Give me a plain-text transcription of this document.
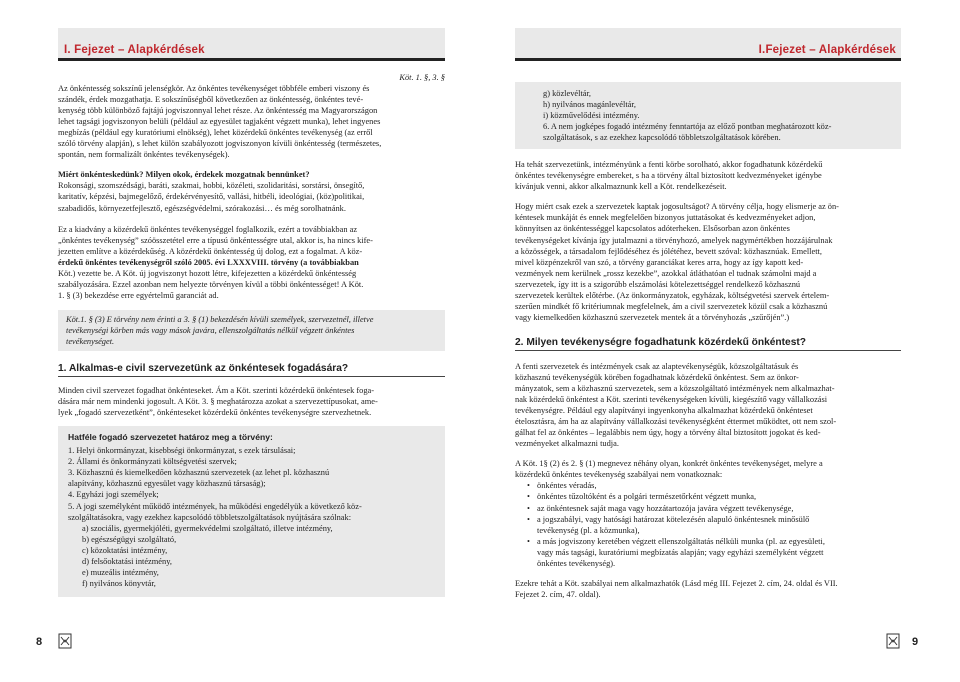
I. Fejezet – Alapkérdések	I.Fejezet – Alapkérdések

Köt. 1. §, 3. §

Az önkéntesség sokszínű jelenségkör. Az önkéntes tevékenységet többféle emberi viszony és
szándék, érdek mozgathatja. E sokszínűségből következően az önkéntesség, önkéntes tevé-
kenység több különböző fajtájú jogviszonnyal lehet része. Az önkéntesség ma Magyarországon
lehet tagsági jogviszonyon belüli (például az egyesület tagjaként végzett munka), lehet ingyenes
megbízás (például egy kuratóriumi elnökség), lehet közérdekű önkéntes tevékenység (az erről
szóló törvény alapján), s lehet külön szabályozott jogviszonyon kívüli önkéntesség (természetes,
spontán, nem formalizált önkéntes tevékenységek).
Miért önkénteskedünk? Milyen okok, érdekek mozgatnak bennünket?
Rokonsági, szomszédsági, baráti, szakmai, hobbi, közéleti, szolidaritási, sorstársi, önsegítő,
karitatív, képzési, bajmegelőző, érdekérvényesítő, vallási, hitbéli, ideológiai, (köz)politikai,
szabadidős, környezetfejlesztő, egészségvédelmi, szórakozási… és még sorolhatnánk.
Ez a kiadvány a közérdekű önkéntes tevékenységgel foglalkozik, ezért a továbbiakban az
„önkéntes tevékenység” szóösszetétel erre a típusú önkéntességre utal, akkor is, ha nincs kife-
jezetten említve a közérdekűség. A közérdekű önkéntesség új dolog, ezt a fogalmat. A köz-
érdekű önkéntes tevékenységről szóló 2005. évi LXXXVIII. törvény (a továbbiakban
Köt.) vezette be. A Köt. új jogviszonyt hozott létre, kifejezetten a közérdekű önkéntesség
szabályozására. Ezzel azonban nem helyezte törvényen kívül a többi önkéntességet! A Köt.
1. § (3) bekezdése erre egyértelmű garanciát ad.
Köt.1. § (3) E törvény nem érinti a 3. § (1) bekezdésén kívüli személyek, szervezetnél, illetve
tevékenységi körben más vagy mások javára, ellenszolgáltatás nélkül végzett önkéntes
tevékenységet.
1. Alkalmas-e civil szervezetünk az önkéntesek fogadására?
Minden civil szervezet fogadhat önkénteseket. Ám a Köt. szerinti közérdekű önkéntesek foga-
dására már nem mindenki jogosult. A Köt. 3. § meghatározza azokat a szervezettípusokat, ame-
lyek „fogadó szervezetként”, önkénteseket közérdekű önkéntes tevékenységre szervezhetnek.
Hatféle fogadó szervezetet határoz meg a törvény:
1. Helyi önkormányzat, kisebbségi önkormányzat, s ezek társulásai;
2. Állami és önkormányzati költségvetési szervek;
3. Közhasznú és kiemelkedően közhasznú szervezetek (az lehet pl. közhasznú
alapítvány, közhasznú egyesület vagy közhasznú társaság);
4. Egyházi jogi személyek;
5. A jogi személyként működő intézmények, ha működési engedélyük a következő köz-
szolgáltatásokra, vagy ezekhez kapcsolódó többletszolgáltatások nyújtására szólnak:
a) szociális, gyermekjóléti, gyermekvédelmi szolgáltató, illetve intézmény,
b) egészségügyi szolgáltató,
c) közoktatási intézmény,
d) felsőoktatási intézmény,
e) muzeális intézmény,
f) nyilvános könyvtár,
g) közlevéltár,
h) nyilvános magánlevéltár,
i) közművelődési intézmény.
6. A nem jogképes fogadó intézmény fenntartója az előző pontban meghatározott köz-
szolgáltatások, s az ezekhez kapcsolódó többletszolgáltatások körében.
Ha tehát szervezetünk, intézményünk a fenti körbe sorolható, akkor fogadhatunk közérdekű
önkéntes tevékenységre embereket, s ha a törvény által biztosított kedvezményeket igénybe
kívánjuk venni, akkor alkalmaznunk kell a Köt. rendelkezéseit.
Hogy miért csak ezek a szervezetek kaptak jogosultságot? A törvény célja, hogy elismerje az ön-
kéntesek munkáját és ennek megfelelően bizonyos juttatásokat és kedvezményeket adjon,
könnyítsen az önkéntességgel kapcsolatos adóterheken. Elsősorban azon önkéntes
tevékenységeket kívánja így jutalmazni a törvényhozó, amelyek nagymértékben hozzájárulnak
a közösségek, a társadalom fejlődéséhez és jólétéhez, bevett szóval: közhasznúak. Emellett,
mivel közpénzekről van szó, a törvény garanciákat keres arra, hogy az így kapott ked-
vezmények nem kerülnek „rossz kezekbe”, azokkal átláthatóan el tudnak számolni majd a
szervezetek, így itt is a szigorúbb elszámolási kötelezettséggel rendelkező közhasznú
szervezetek kerültek előtérbe. (Az önkormányzatok, egyházak, költségvetési szervek értelem-
szerűen mindkét fő kritériumnak megfelelnek, ám a civil szervezetek közül csak a közhasznú
vagy kiemelkedően közhasznú szervezetek mentek át a törvényhozás „szűrőjén”.)
2. Milyen tevékenységre fogadhatunk közérdekű önkéntest?
A fenti szervezetek és intézmények csak az alaptevékenységük, közszolgáltatásuk és
közhasznú tevékenységük körében fogadhatnak közérdekű önkéntest. Sem az önkor-
mányzatok, sem a közhasznú szervezetek, sem a közszolgáltató intézmények nem alkalmazhat-
nak közérdekű önkéntest a Köt. szerinti tevékenységeken kívüli, kiegészítő vagy vállalkozási
tevékenységre. Például egy alapítványi ingyenkonyha alkalmazhat közérdekű önkénteset
ételosztásra, ám ha az alapítvány vállalkozási tevékenységként éttermet működtet, ott nem szol-
gálhat fel az önkéntes – legalábbis nem úgy, hogy a törvény által biztosított jogokat és ked-
vezményeket alkalmazni tudja.
A Köt. 1§ (2) és 2. § (1) megnevez néhány olyan, konkrét önkéntes tevékenységet, melyre a
közérdekű önkéntes tevékenység szabályai nem vonatkoznak:
• önkéntes véradás,
• önkéntes tűzoltóként és a polgári természetőrként végzett munka,
• az önkéntesnek saját maga vagy hozzátartozója javára végzett tevékenysége,
• a jogszabályi, vagy hatósági határozat kötelezésén alapuló önkéntesnek minősülő
tevékenység (pl. a közmunka),
• a más jogviszony keretében végzett ellenszolgáltatás nélküli munka (pl. az egyesületi,
vagy más tagsági, kuratóriumi megbízatás alapján; vagy egyházi személyként végzett
önkéntes tevékenység).
Ezekre tehát a Köt. szabályai nem alkalmazhatók (Lásd még III. Fejezet 2. cím, 24. oldal és VII.
Fejezet 2. cím, 47. oldal).
8	9
